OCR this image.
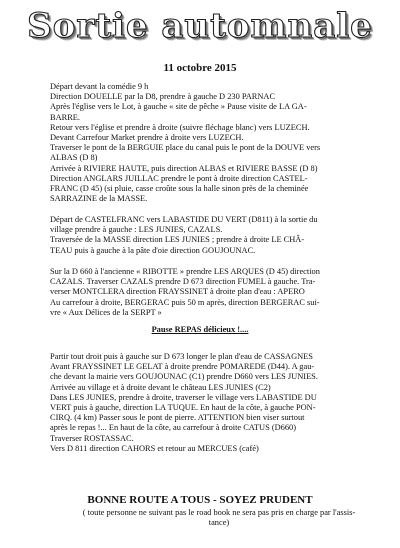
Sortie automnale
11 octobre 2015

Départ devant la comédie 9 h
Direction DOUELLE par la D8, prendre à gauche D 230 PARNAC
Après l'église vers le Lot, à gauche « site de pêche » Pause visite de LA GA-
BARRE.
Retour vers l'église et prendre à droite (suivre fléchage blanc) vers LUZECH.
Devant Carrefour Market prendre à droite vers LUZECH.
Traverser le pont de la BERGUIE place du canal puis le pont de la DOUVE vers
ALBAS (D 8)
Arrivée à RIVIERE HAUTE, puis direction ALBAS et RIVIERE BASSE (D 8)
Direction ANGLARS JUILLAC prendre le pont à droite direction CASTEL-
FRANC (D 45) (si pluie, casse croûte sous la halle sinon près de la cheminée
SARRAZINE de la MASSE.

Départ de CASTELFRANC vers LABASTIDE DU VERT (D811) à la sortie du
village prendre à gauche : LES JUNIES, CAZALS.
Traversée de la MASSE direction LES JUNIES ; prendre à droite LE CHÂ-
TEAU puis à gauche à la pâte d'oie direction GOUJOUNAC.

Sur la D 660 à l'ancienne « RIBOTTE » prendre LES ARQUES (D 45) direction
CAZALS. Traverser CAZALS prendre D 673 direction FUMEL à gauche. Tra-
verser MONTCLERA direction FRAYSSINET à droite plan d'eau : APERO
Au carrefour à droite, BERGERAC puis 50 m après, direction BERGERAC sui-
vre « Aux Délices de la SERPT »

Pause REPAS délicieux !....

Partir tout droit puis à gauche sur D 673 longer le plan d'eau de CASSAGNES
Avant FRAYSSINET LE GELAT à droite prendre POMAREDE (D44). A gau-
che devant la mairie vers GOUJOUNAC (C1) prendre D660 vers LES JUNIES.
Arrivée au village et à droite devant le château LES JUNIES (C2)
Dans LES JUNIES, prendre à droite, traverser le village vers LABASTIDE DU
VERT puis à gauche, direction LA TUQUE. En haut de la côte, à gauche PON-
CIRQ. (4 km) Passer sous le pont de pierre. ATTENTION bien viser surtout
après le repas !... En haut de la côte, au carrefour à droite CATUS (D660)
Traverser ROSTASSAC.
Vers D 811 direction CAHORS et retour au MERCUES (café)

BONNE ROUTE A TOUS - SOYEZ PRUDENT
( toute personne ne suivant pas le road book ne sera pas pris en charge par l'assis-
tance)
